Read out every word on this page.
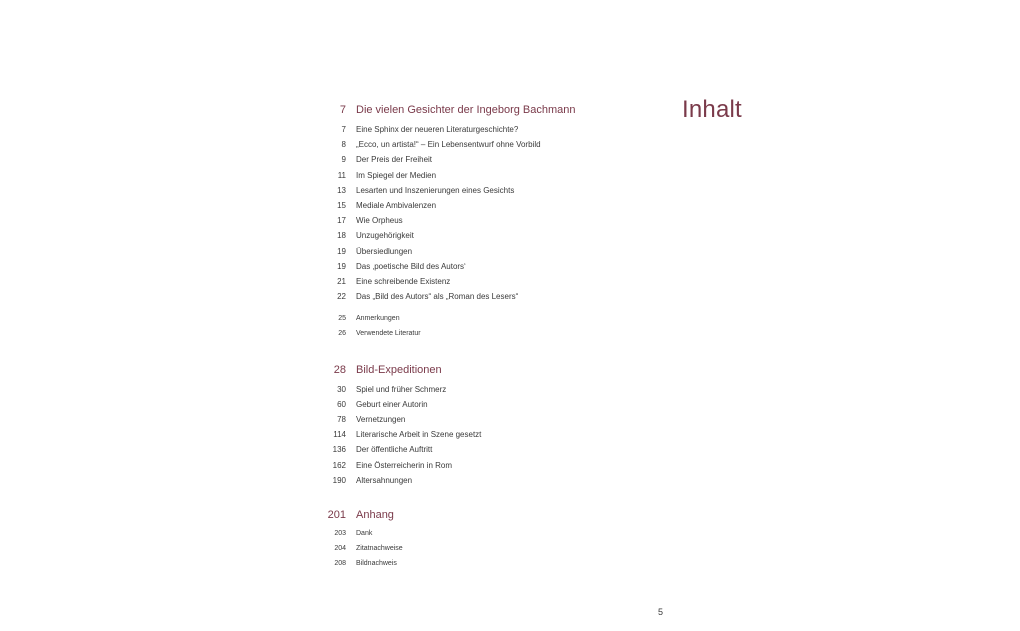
Inhalt
7 Die vielen Gesichter der Ingeborg Bachmann
7 Eine Sphinx der neueren Literaturgeschichte?
8 „Ecco, un artista!“ – Ein Lebensentwurf ohne Vorbild
9 Der Preis der Freiheit
11 Im Spiegel der Medien
13 Lesarten und Inszenierungen eines Gesichts
15 Mediale Ambivalenzen
17 Wie Orpheus
18 Unzugehörigkeit
19 Übersiedlungen
19 Das ‚poetische Bild des Autors‘
21 Eine schreibende Existenz
22 Das „Bild des Autors“ als „Roman des Lesers“
25 Anmerkungen
26 Verwendete Literatur
28 Bild-Expeditionen
30 Spiel und früher Schmerz
60 Geburt einer Autorin
78 Vernetzungen
114 Literarische Arbeit in Szene gesetzt
136 Der öffentliche Auftritt
162 Eine Österreicherin in Rom
190 Altersahnungen
201 Anhang
203 Dank
204 Zitatnachweise
208 Bildnachweis
5
